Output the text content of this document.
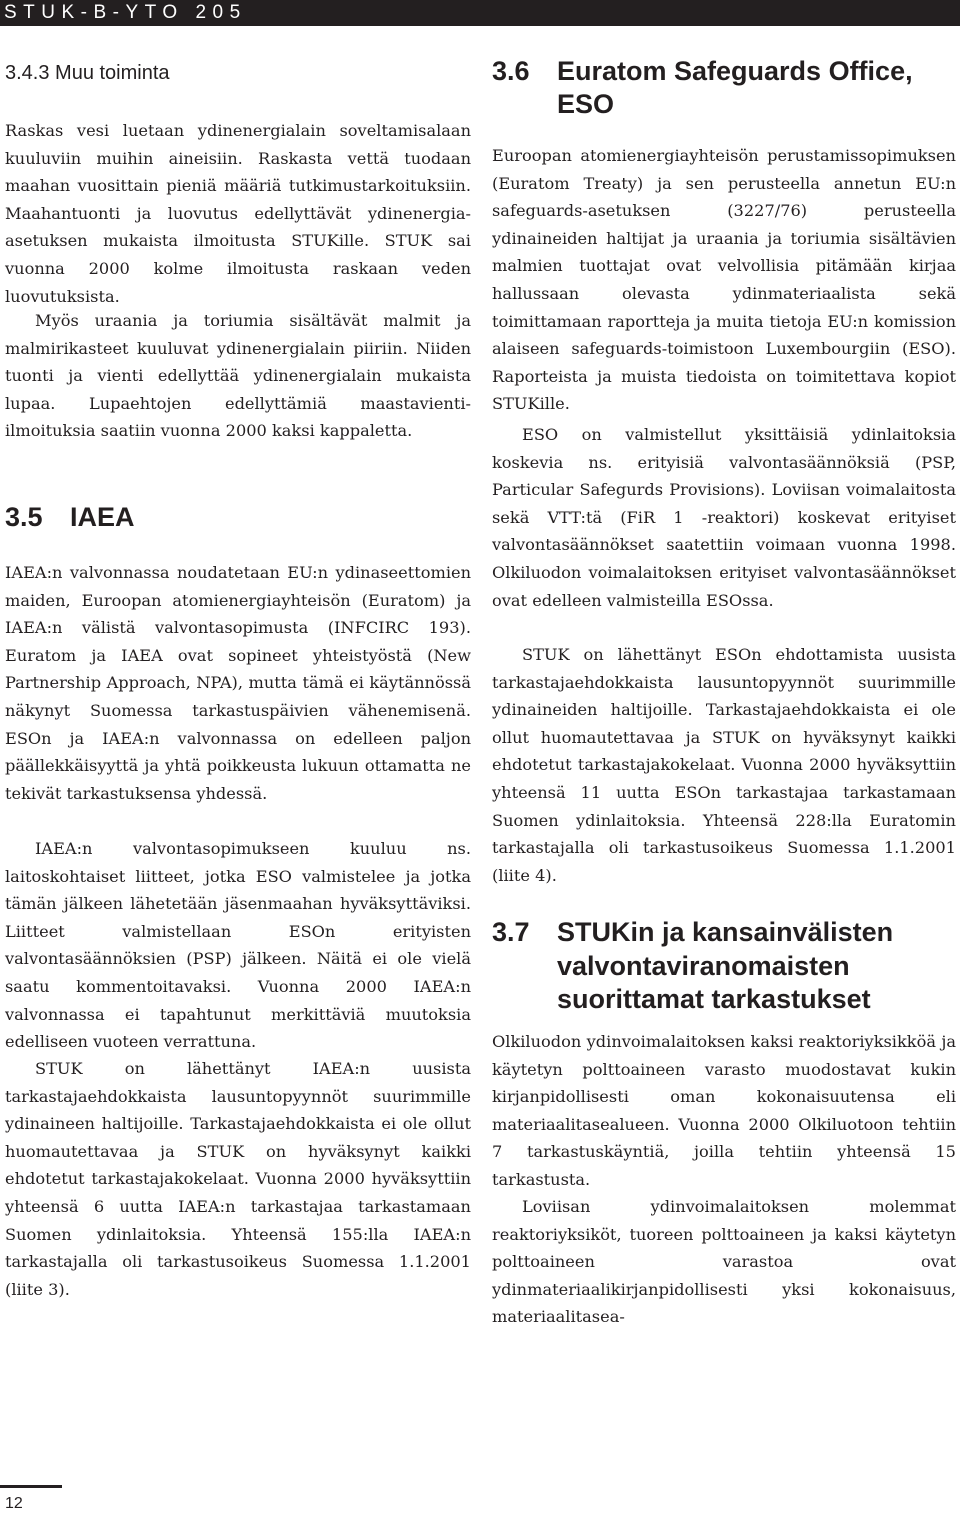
STUK-B-YTO 205
3.4.3 Muu toiminta

Raskas vesi luetaan ydinenergialain soveltamisalaan kuuluviin muihin aineisiin. Raskasta vettä tuodaan maahan vuosittain pieniä määriä tutkimustarkoituksiin. Maahantuonti ja luovutus edellyttävät ydinenergia-asetuksen mukaista ilmoitusta STUKille. STUK sai vuonna 2000 kolme ilmoitusta raskaan veden luovutuksista.

Myös uraania ja toriumia sisältävät malmit ja malmirikasteet kuuluvat ydinenergialain piiriin. Niiden tuonti ja vienti edellyttää ydinenergialain mukaista lupaa. Lupaehtojen edellyttämiä maastavienti-ilmoituksia saatiin vuonna 2000 kaksi kappaletta.

3.5	IAEA

IAEA:n valvonnassa noudatetaan EU:n ydinaseettomien maiden, Euroopan atomienergiayhteisön (Euratom) ja IAEA:n välistä valvontasopimusta (INFCIRC 193). Euratom ja IAEA ovat sopineet yhteistyöstä (New Partnership Approach, NPA), mutta tämä ei käytännössä näkynyt Suomessa tarkastuspäivien vähenemisenä. ESOn ja IAEA:n valvonnassa on edelleen paljon päällekkäisyyttä ja yhtä poikkeusta lukuun ottamatta ne tekivät tarkastuksensa yhdessä.

IAEA:n valvontasopimukseen kuuluu ns. laitoskohtaiset liitteet, jotka ESO valmistelee ja jotka tämän jälkeen lähetetään jäsenmaahan hyväksyttäviksi. Liitteet valmistellaan ESOn erityisten valvontasäännöksien (PSP) jälkeen. Näitä ei ole vielä saatu kommentoitavaksi. Vuonna 2000 IAEA:n valvonnassa ei tapahtunut merkittäviä muutoksia edelliseen vuoteen verrattuna.

STUK on lähettänyt IAEA:n uusista tarkastajaehdokkaista lausuntopyynnöt suurimmille ydinaineen haltijoille. Tarkastajaehdokkaista ei ole ollut huomautettavaa ja STUK on hyväksynyt kaikki ehdotetut tarkastajakokelaat. Vuonna 2000 hyväksyttiin yhteensä 6 uutta IAEA:n tarkastajaa tarkastamaan Suomen ydinlaitoksia. Yhteensä 155:lla IAEA:n tarkastajalla oli tarkastusoikeus Suomessa 1.1.2001 (liite 3).

3.6	Euratom Safeguards Office, ESO

Euroopan atomienergiayhteisön perustamissopimuksen (Euratom Treaty) ja sen perusteella annetun EU:n safeguards-asetuksen (3227/76) perusteella ydinaineiden haltijat ja uraania ja toriumia sisältävien malmien tuottajat ovat velvollisia pitämään kirjaa hallussaan olevasta ydinmateriaalista sekä toimittamaan raportteja ja muita tietoja EU:n komission alaiseen safeguards-toimistoon Luxembourgiin (ESO). Raporteista ja muista tiedoista on toimitettava kopiot STUKille.

ESO on valmistellut yksittäisiä ydinlaitoksia koskevia ns. erityisiä valvontasäännöksiä (PSP, Particular Safegurds Provisions). Loviisan voimalaitosta sekä VTT:tä (FiR 1 -reaktori) koskevat erityiset valvontasäännökset saatettiin voimaan vuonna 1998. Olkiluodon voimalaitoksen erityiset valvontasäännökset ovat edelleen valmisteilla ESOssa.

STUK on lähettänyt ESOn ehdottamista uusista tarkastajaehdokkaista lausuntopyynnöt suurimmille ydinaineiden haltijoille. Tarkastajaehdokkaista ei ole ollut huomautettavaa ja STUK on hyväksynyt kaikki ehdotetut tarkastajakokelaat. Vuonna 2000 hyväksyttiin yhteensä 11 uutta ESOn tarkastajaa tarkastamaan Suomen ydinlaitoksia. Yhteensä 228:lla Euratomin tarkastajalla oli tarkastusoikeus Suomessa 1.1.2001 (liite 4).

3.7	STUKin ja kansainvälisten valvontaviranomaisten suorittamat tarkastukset

Olkiluodon ydinvoimalaitoksen kaksi reaktoriyksikköä ja käytetyn polttoaineen varasto muodostavat kukin kirjanpidollisesti oman kokonaisuutensa eli materiaalitasealueen. Vuonna 2000 Olkiluotoon tehtiin 7 tarkastuskäyntiä, joilla tehtiin yhteensä 15 tarkastusta.

Loviisan ydinvoimalaitoksen molemmat reaktoriyksiköt, tuoreen polttoaineen ja kaksi käytetyn polttoaineen varastoa ovat ydinmateriaalikirjanpidollisesti yksi kokonaisuus, materiaalitasea-

12
